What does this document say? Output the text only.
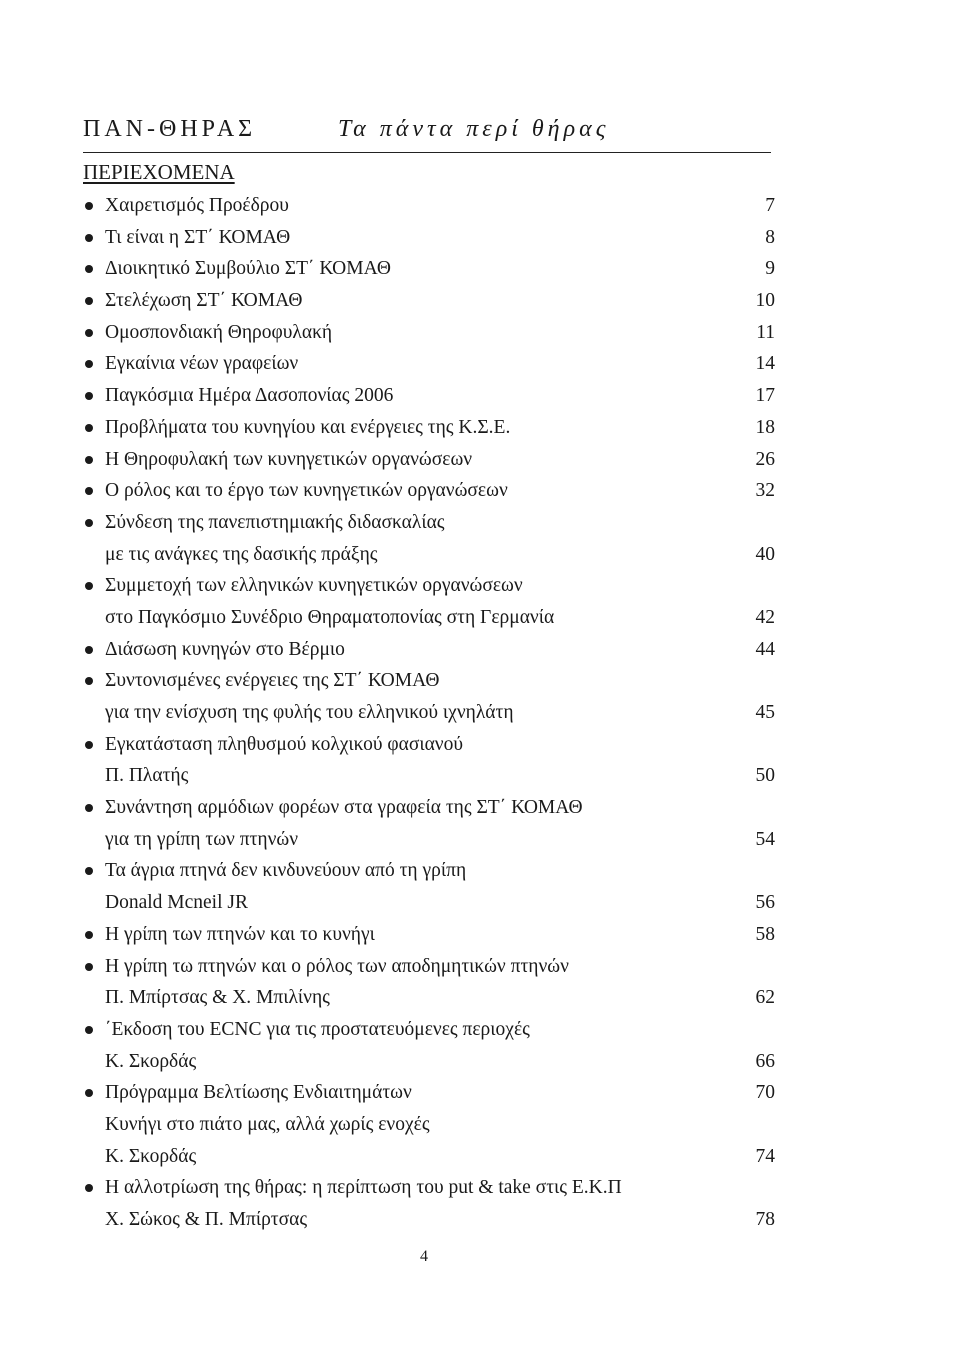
ΠΑΝ-ΘΗΡΑΣ	Τα πάντα περί θήρας
ΠΕΡΙΕΧΟΜΕΝΑ
Χαιρετισμός Προέδρου	7
Τι είναι η ΣΤ΄ ΚΟΜΑΘ	8
Διοικητικό Συμβούλιο ΣΤ΄ ΚΟΜΑΘ	9
Στελέχωση ΣΤ΄ ΚΟΜΑΘ	10
Ομοσπονδιακή Θηροφυλακή	11
Εγκαίνια νέων γραφείων	14
Παγκόσμια Ημέρα Δασοπονίας 2006	17
Προβλήματα του κυνηγίου και ενέργειες της Κ.Σ.Ε.	18
Η Θηροφυλακή των κυνηγετικών οργανώσεων	26
Ο ρόλος και το έργο των κυνηγετικών οργανώσεων	32
Σύνδεση της πανεπιστημιακής διδασκαλίας
με τις ανάγκες της δασικής πράξης	40
Συμμετοχή των ελληνικών κυνηγετικών οργανώσεων
στο Παγκόσμιο Συνέδριο Θηραματοπονίας στη Γερμανία	42
Διάσωση κυνηγών στο Βέρμιο	44
Συντονισμένες ενέργειες της ΣΤ΄ ΚΟΜΑΘ
για την ενίσχυση της φυλής του ελληνικού ιχνηλάτη	45
Εγκατάσταση πληθυσμού κολχικού φασιανού
Π. Πλατής	50
Συνάντηση αρμόδιων φορέων στα γραφεία της ΣΤ΄ ΚΟΜΑΘ
για τη γρίπη των πτηνών	54
Τα άγρια πτηνά δεν κινδυνεύουν από τη γρίπη
Donald Mcneil JR	56
Η γρίπη των πτηνών και το κυνήγι	58
Η γρίπη τω πτηνών και ο ρόλος των αποδημητικών πτηνών
Π. Μπίρτσας & Χ. Μπιλίνης	62
΄Εκδοση του ECNC για τις προστατευόμενες περιοχές
Κ. Σκορδάς	66
Πρόγραμμα Βελτίωσης Ενδιαιτημάτων	70
Κυνήγι στο πιάτο μας, αλλά χωρίς ενοχές
Κ. Σκορδάς	74
Η αλλοτρίωση της θήρας: η περίπτωση του put & take στις Ε.Κ.Π
Χ. Σώκος & Π. Μπίρτσας	78
4
